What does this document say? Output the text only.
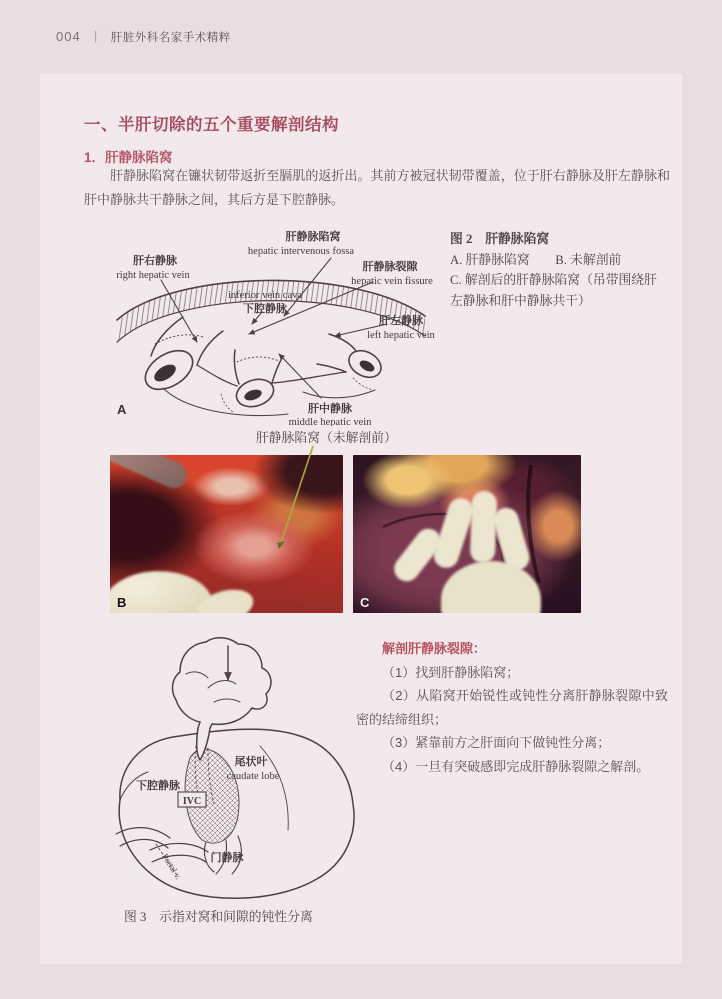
004 丨 肝脏外科名家手术精粹
一、半肝切除的五个重要解剖结构
1．肝静脉陷窝
肝静脉陷窝在镰状韧带返折至膈肌的返折出。其前方被冠状韧带覆盖，位于肝右静脉及肝左静脉和肝中静脉共干静脉之间，其后方是下腔静脉。
肝静脉陷窝
hepatic intervenous fossa
肝右静脉
right hepatic vein
肝静脉裂隙
hepatic vein fissure
inferior vein cava
下腔静脉
肝左静脉
left hepatic vein
肝中静脉
middle hepatic vein
A
图 2　肝静脉陷窝
A. 肝静脉陷窝　　B. 未解剖前
C. 解剖后的肝静脉陷窝（吊带围绕肝左静脉和肝中静脉共干）
肝静脉陷窝（未解剖前）
B	C

解剖肝静脉裂隙：

（1）找到肝静脉陷窝；

（2）从陷窝开始锐性或钝性分离肝静脉裂隙中致密的结缔组织；

（3）紧靠前方之肝面向下做钝性分离；

（4）一旦有突破感即完成肝静脉裂隙之解剖。

IVC
尾状叶
caudate lobe
下腔静脉
Portal v. 门静脉
图 3　示指对窝和间隙的钝性分离
